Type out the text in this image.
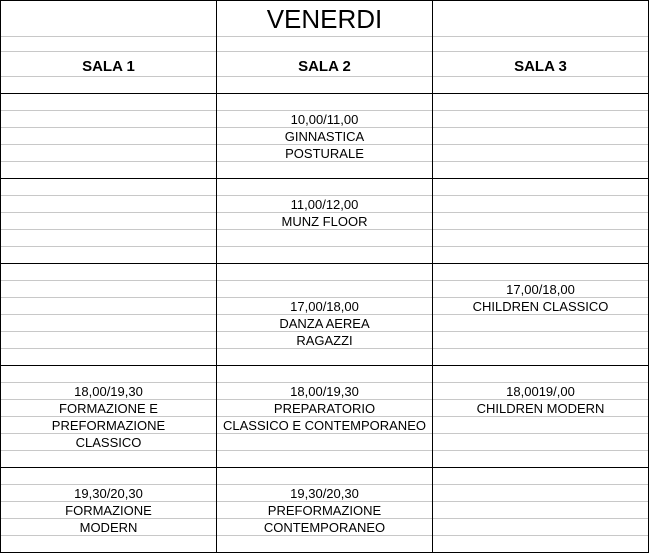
VENERDI
SALA 1	SALA 2	SALA 3
10,00/11,00
GINNASTICA
POSTURALE
11,00/12,00
MUNZ FLOOR
17,00/18,00
DANZA AEREA
RAGAZZI
17,00/18,00
CHILDREN CLASSICO
18,00/19,30
FORMAZIONE E
PREFORMAZIONE
CLASSICO
18,00/19,30
PREPARATORIO
CLASSICO E CONTEMPORANEO
18,0019/,00
CHILDREN MODERN
19,30/20,30
FORMAZIONE
MODERN
19,30/20,30
PREFORMAZIONE
CONTEMPORANEO
